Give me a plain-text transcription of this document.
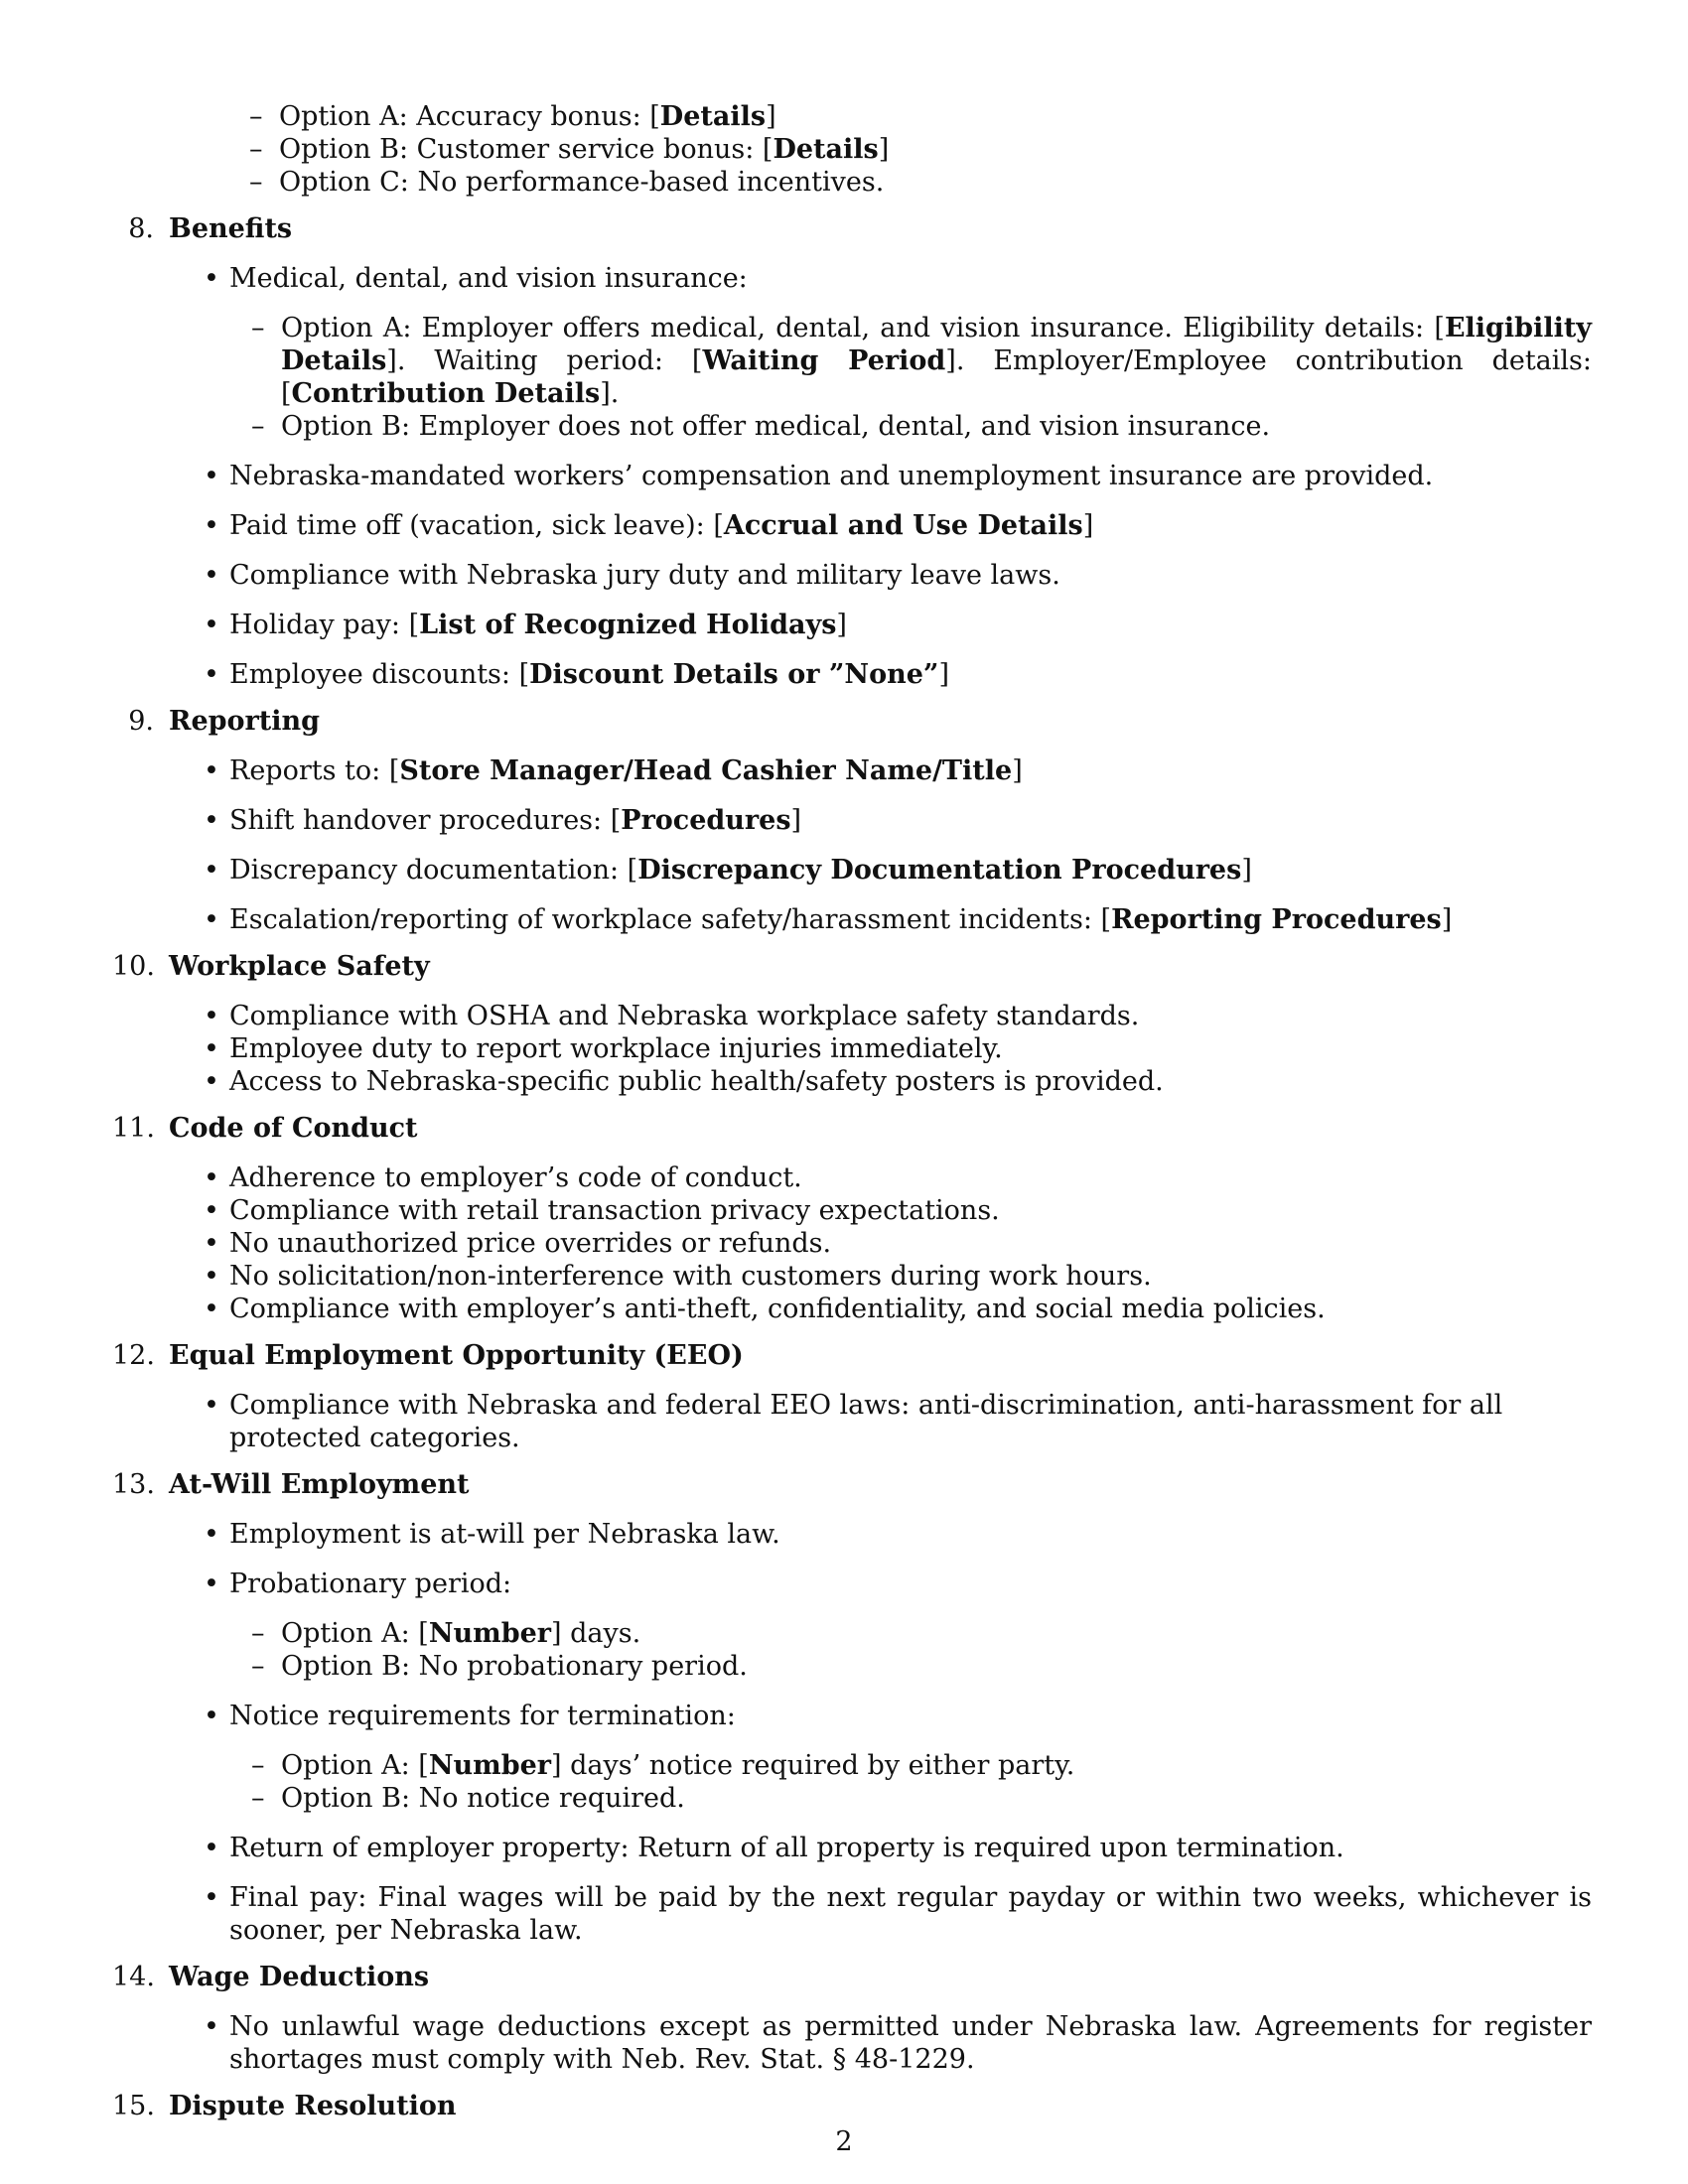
– Option A: Accuracy bonus: [Details]
– Option B: Customer service bonus: [Details]
– Option C: No performance-based incentives.
8. Benefits
• Medical, dental, and vision insurance:
– Option A: Employer offers medical, dental, and vision insurance. Eligibility details: [Eligibility Details]. Waiting period: [Waiting Period]. Employer/Employee contribution details: [Contribution Details].
– Option B: Employer does not offer medical, dental, and vision insurance.
• Nebraska-mandated workers’ compensation and unemployment insurance are provided.
• Paid time off (vacation, sick leave): [Accrual and Use Details]
• Compliance with Nebraska jury duty and military leave laws.
• Holiday pay: [List of Recognized Holidays]
• Employee discounts: [Discount Details or ”None”]
9. Reporting
• Reports to: [Store Manager/Head Cashier Name/Title]
• Shift handover procedures: [Procedures]
• Discrepancy documentation: [Discrepancy Documentation Procedures]
• Escalation/reporting of workplace safety/harassment incidents: [Reporting Procedures]
10. Workplace Safety
• Compliance with OSHA and Nebraska workplace safety standards.
• Employee duty to report workplace injuries immediately.
• Access to Nebraska-specific public health/safety posters is provided.
11. Code of Conduct
• Adherence to employer’s code of conduct.
• Compliance with retail transaction privacy expectations.
• No unauthorized price overrides or refunds.
• No solicitation/non-interference with customers during work hours.
• Compliance with employer’s anti-theft, confidentiality, and social media policies.
12. Equal Employment Opportunity (EEO)
• Compliance with Nebraska and federal EEO laws: anti-discrimination, anti-harassment for all protected categories.
13. At-Will Employment
• Employment is at-will per Nebraska law.
• Probationary period:
– Option A: [Number] days.
– Option B: No probationary period.
• Notice requirements for termination:
– Option A: [Number] days’ notice required by either party.
– Option B: No notice required.
• Return of employer property: Return of all property is required upon termination.
• Final pay: Final wages will be paid by the next regular payday or within two weeks, whichever is sooner, per Nebraska law.
14. Wage Deductions
• No unlawful wage deductions except as permitted under Nebraska law. Agreements for register shortages must comply with Neb. Rev. Stat. § 48-1229.
15. Dispute Resolution
2
